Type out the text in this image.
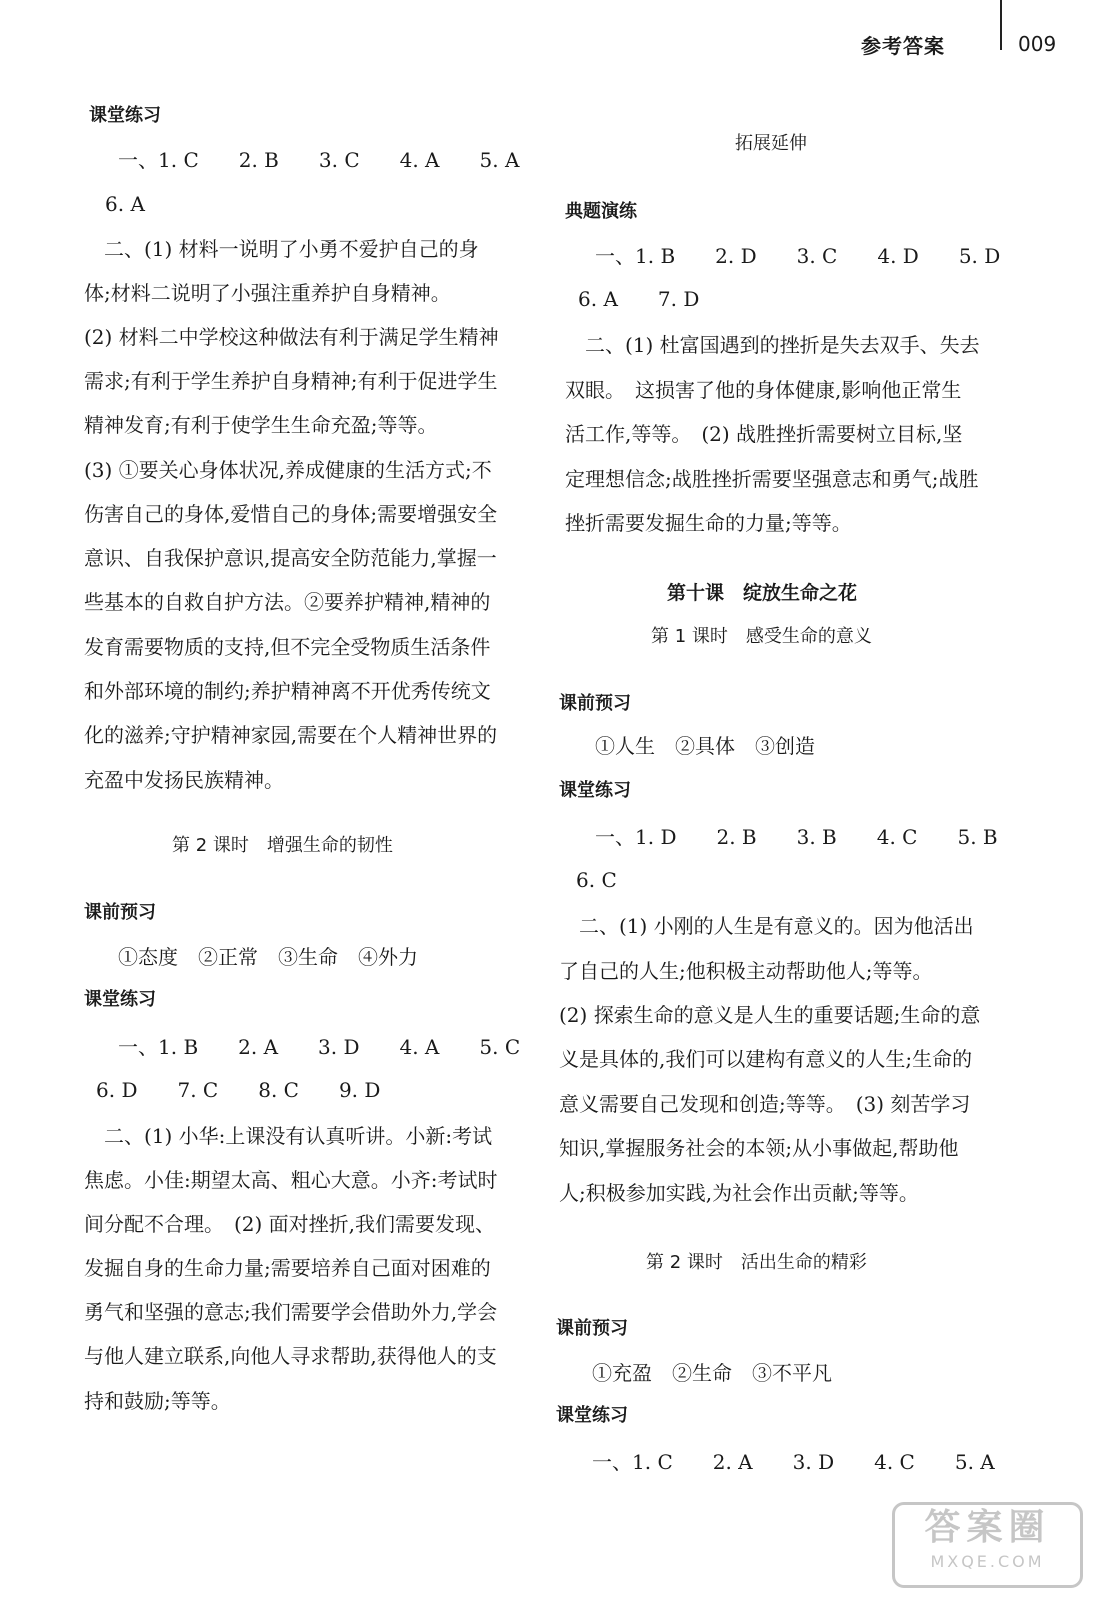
参考答案	009
课堂练习
一、1. C　　2. B　　3. C　　4. A　　5. A
6. A
　二、(1) 材料一说明了小勇不爱护自己的身
体;材料二说明了小强注重养护自身精神。
(2) 材料二中学校这种做法有利于满足学生精神
需求;有利于学生养护自身精神;有利于促进学生
精神发育;有利于使学生生命充盈;等等。
(3) ①要关心身体状况,养成健康的生活方式;不
伤害自己的身体,爱惜自己的身体;需要增强安全
意识、自我保护意识,提高安全防范能力,掌握一
些基本的自救自护方法。②要养护精神,精神的
发育需要物质的支持,但不完全受物质生活条件
和外部环境的制约;养护精神离不开优秀传统文
化的滋养;守护精神家园,需要在个人精神世界的
充盈中发扬民族精神。
第 2 课时　增强生命的韧性
课前预习
①态度　②正常　③生命　④外力
课堂练习
一、1. B　　2. A　　3. D　　4. A　　5. C
6. D　　7. C　　8. C　　9. D
　二、(1) 小华:上课没有认真听讲。小新:考试
焦虑。小佳:期望太高、粗心大意。小齐:考试时
间分配不合理。　(2) 面对挫折,我们需要发现、
发掘自身的生命力量;需要培养自己面对困难的
勇气和坚强的意志;我们需要学会借助外力,学会
与他人建立联系,向他人寻求帮助,获得他人的支
持和鼓励;等等。
拓展延伸
典题演练
一、1. B　　2. D　　3. C　　4. D　　5. D
6. A　　7. D
　二、(1) 杜富国遇到的挫折是失去双手、失去
双眼。　这损害了他的身体健康,影响他正常生
活工作,等等。　(2) 战胜挫折需要树立目标,坚
定理想信念;战胜挫折需要坚强意志和勇气;战胜
挫折需要发掘生命的力量;等等。
第十课　绽放生命之花
第 1 课时　感受生命的意义
课前预习
①人生　②具体　③创造
课堂练习
一、1. D　　2. B　　3. B　　4. C　　5. B
6. C
　二、(1) 小刚的人生是有意义的。因为他活出
了自己的人生;他积极主动帮助他人;等等。
(2) 探索生命的意义是人生的重要话题;生命的意
义是具体的,我们可以建构有意义的人生;生命的
意义需要自己发现和创造;等等。　(3) 刻苦学习
知识,掌握服务社会的本领;从小事做起,帮助他
人;积极参加实践,为社会作出贡献;等等。
第 2 课时　活出生命的精彩
课前预习
①充盈　②生命　③不平凡
课堂练习
一、1. C　　2. A　　3. D　　4. C　　5. A
答案圈
MXQE.COM
